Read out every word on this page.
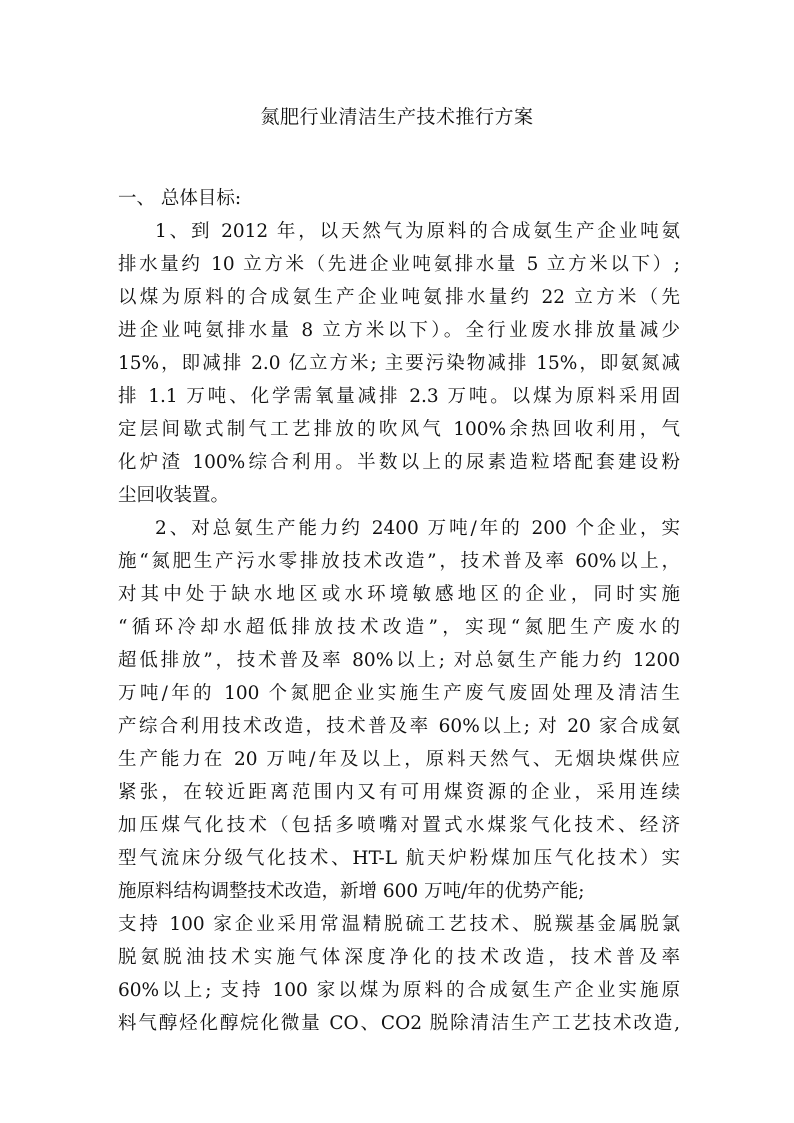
氮肥行业清洁生产技术推行方案
一、 总体目标:
1、到 2012 年，以天然气为原料的合成氨生产企业吨氨
排水量约 10 立方米（先进企业吨氨排水量 5 立方米以下）;
以煤为原料的合成氨生产企业吨氨排水量约 22 立方米（先
进企业吨氨排水量 8 立方米以下）。全行业废水排放量减少
15%，即减排 2.0 亿立方米; 主要污染物减排 15%，即氨氮减
排 1.1 万吨、化学需氧量减排 2.3 万吨。以煤为原料采用固
定层间歇式制气工艺排放的吹风气 100%余热回收利用，气
化炉渣 100%综合利用。半数以上的尿素造粒塔配套建设粉
尘回收装置。
2、对总氨生产能力约 2400 万吨/年的 200 个企业，实
施“氮肥生产污水零排放技术改造”，技术普及率 60%以上，
对其中处于缺水地区或水环境敏感地区的企业，同时实施
“循环冷却水超低排放技术改造”，实现“氮肥生产废水的
超低排放”，技术普及率 80%以上; 对总氨生产能力约 1200
万吨/年的 100 个氮肥企业实施生产废气废固处理及清洁生
产综合利用技术改造，技术普及率 60%以上; 对 20 家合成氨
生产能力在 20 万吨/年及以上，原料天然气、无烟块煤供应
紧张，在较近距离范围内又有可用煤资源的企业，采用连续
加压煤气化技术（包括多喷嘴对置式水煤浆气化技术、经济
型气流床分级气化技术、HT-L 航天炉粉煤加压气化技术）实
施原料结构调整技术改造，新增 600 万吨/年的优势产能;
支持 100 家企业采用常温精脱硫工艺技术、脱羰基金属脱氯
脱氨脱油技术实施气体深度净化的技术改造，技术普及率
60%以上; 支持 100 家以煤为原料的合成氨生产企业实施原
料气醇烃化醇烷化微量 CO、CO2 脱除清洁生产工艺技术改造,
